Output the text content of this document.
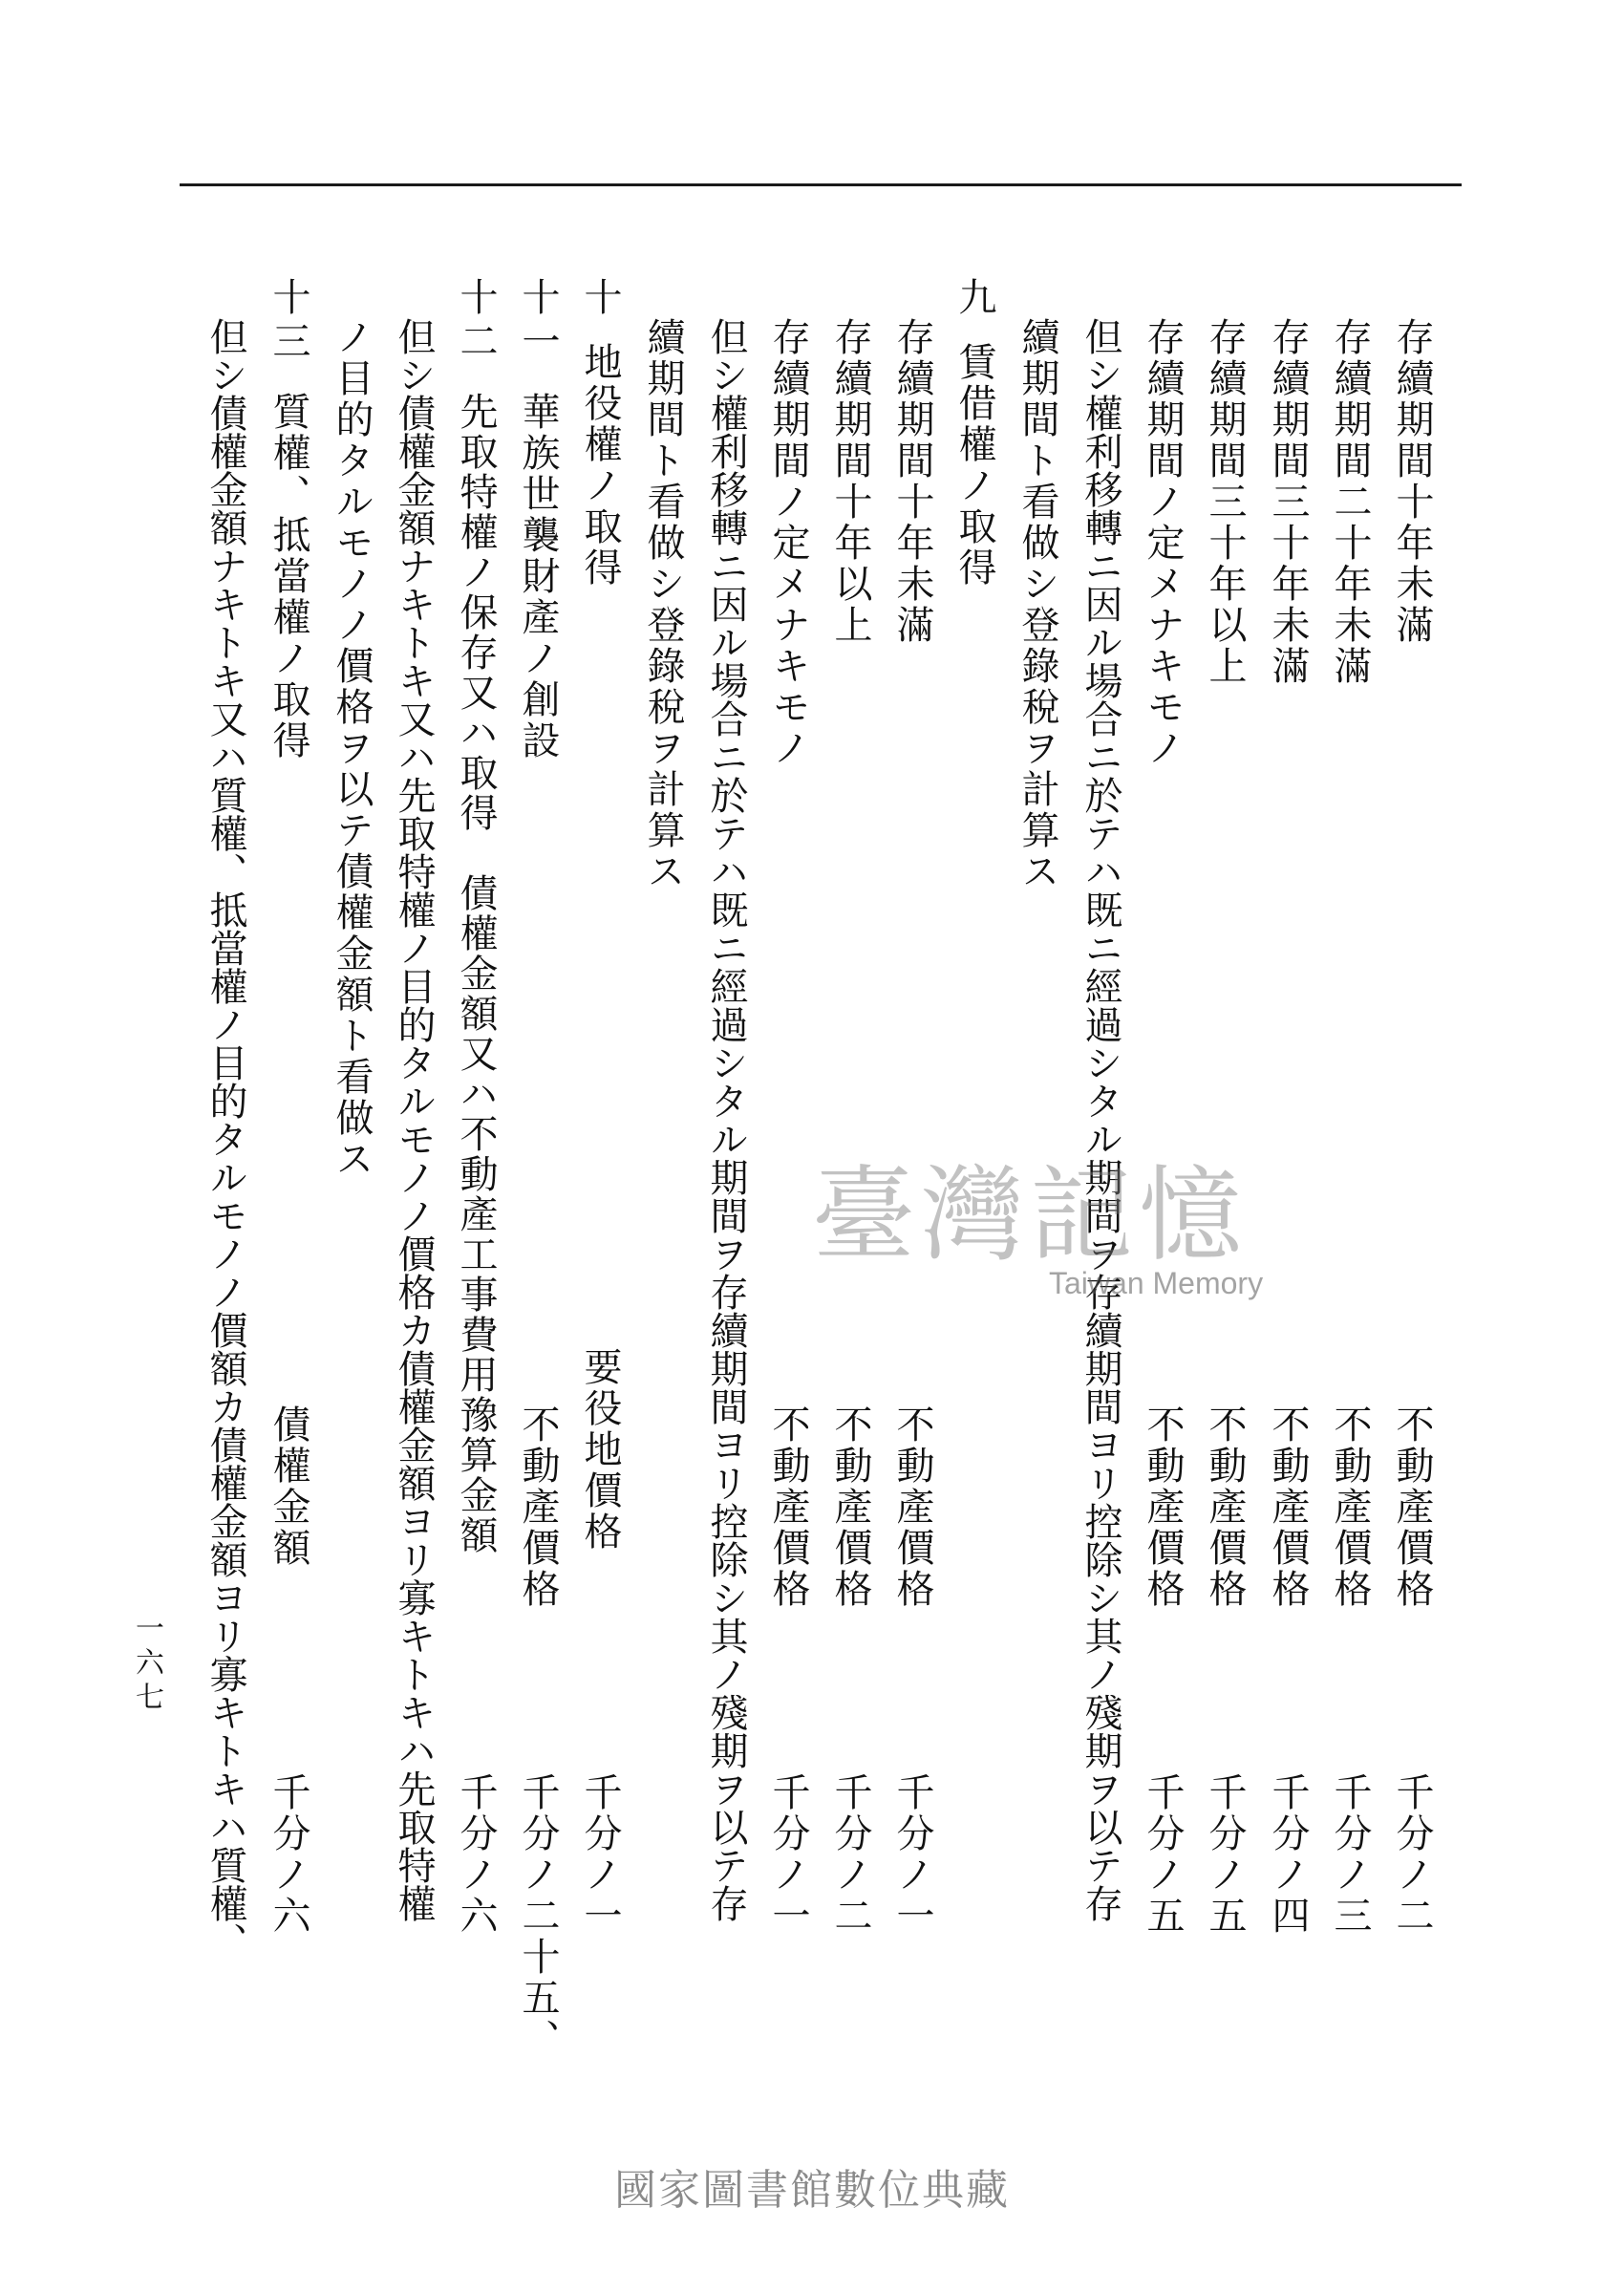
存續期間十年未滿
不動產價格
千分ノ二
存續期間二十年未滿
不動產價格
千分ノ三
存續期間三十年未滿
不動產價格
千分ノ四
存續期間三十年以上
不動產價格
千分ノ五
存續期間ノ定メナキモノ
不動產價格
千分ノ五
但シ權利移轉ニ因ル場合ニ於テハ既ニ經過シタル期間ヲ存續期間ヨリ控除シ其ノ殘期ヲ以テ存
續期間ト看做シ登錄稅ヲ計算ス
九
賃借權ノ取得
存續期間十年未滿
不動產價格
千分ノ一
存續期間十年以上
不動產價格
千分ノ二
存續期間ノ定メナキモノ
不動產價格
千分ノ一
但シ權利移轉ニ因ル場合ニ於テハ既ニ經過シタル期間ヲ存續期間ヨリ控除シ其ノ殘期ヲ以テ存
續期間ト看做シ登錄稅ヲ計算ス
十
地役權ノ取得
要役地價格
千分ノ一
十一
華族世襲財產ノ創設
不動產價格
千分ノ二十五、
十二
先取特權ノ保存又ハ取得　債權金額又ハ不動產工事費用豫算金額
千分ノ六
但シ債權金額ナキトキ又ハ先取特權ノ目的タルモノノ價格カ債權金額ヨリ寡キトキハ先取特權
ノ目的タルモノノ價格ヲ以テ債權金額ト看做ス
十三
質權、抵當權ノ取得
債權金額
千分ノ六
但シ債權金額ナキトキ又ハ質權、抵當權ノ目的タルモノノ價額カ債權金額ヨリ寡キトキハ質權、
一六七
臺灣記憶
Taiwan Memory
國家圖書館數位典藏
